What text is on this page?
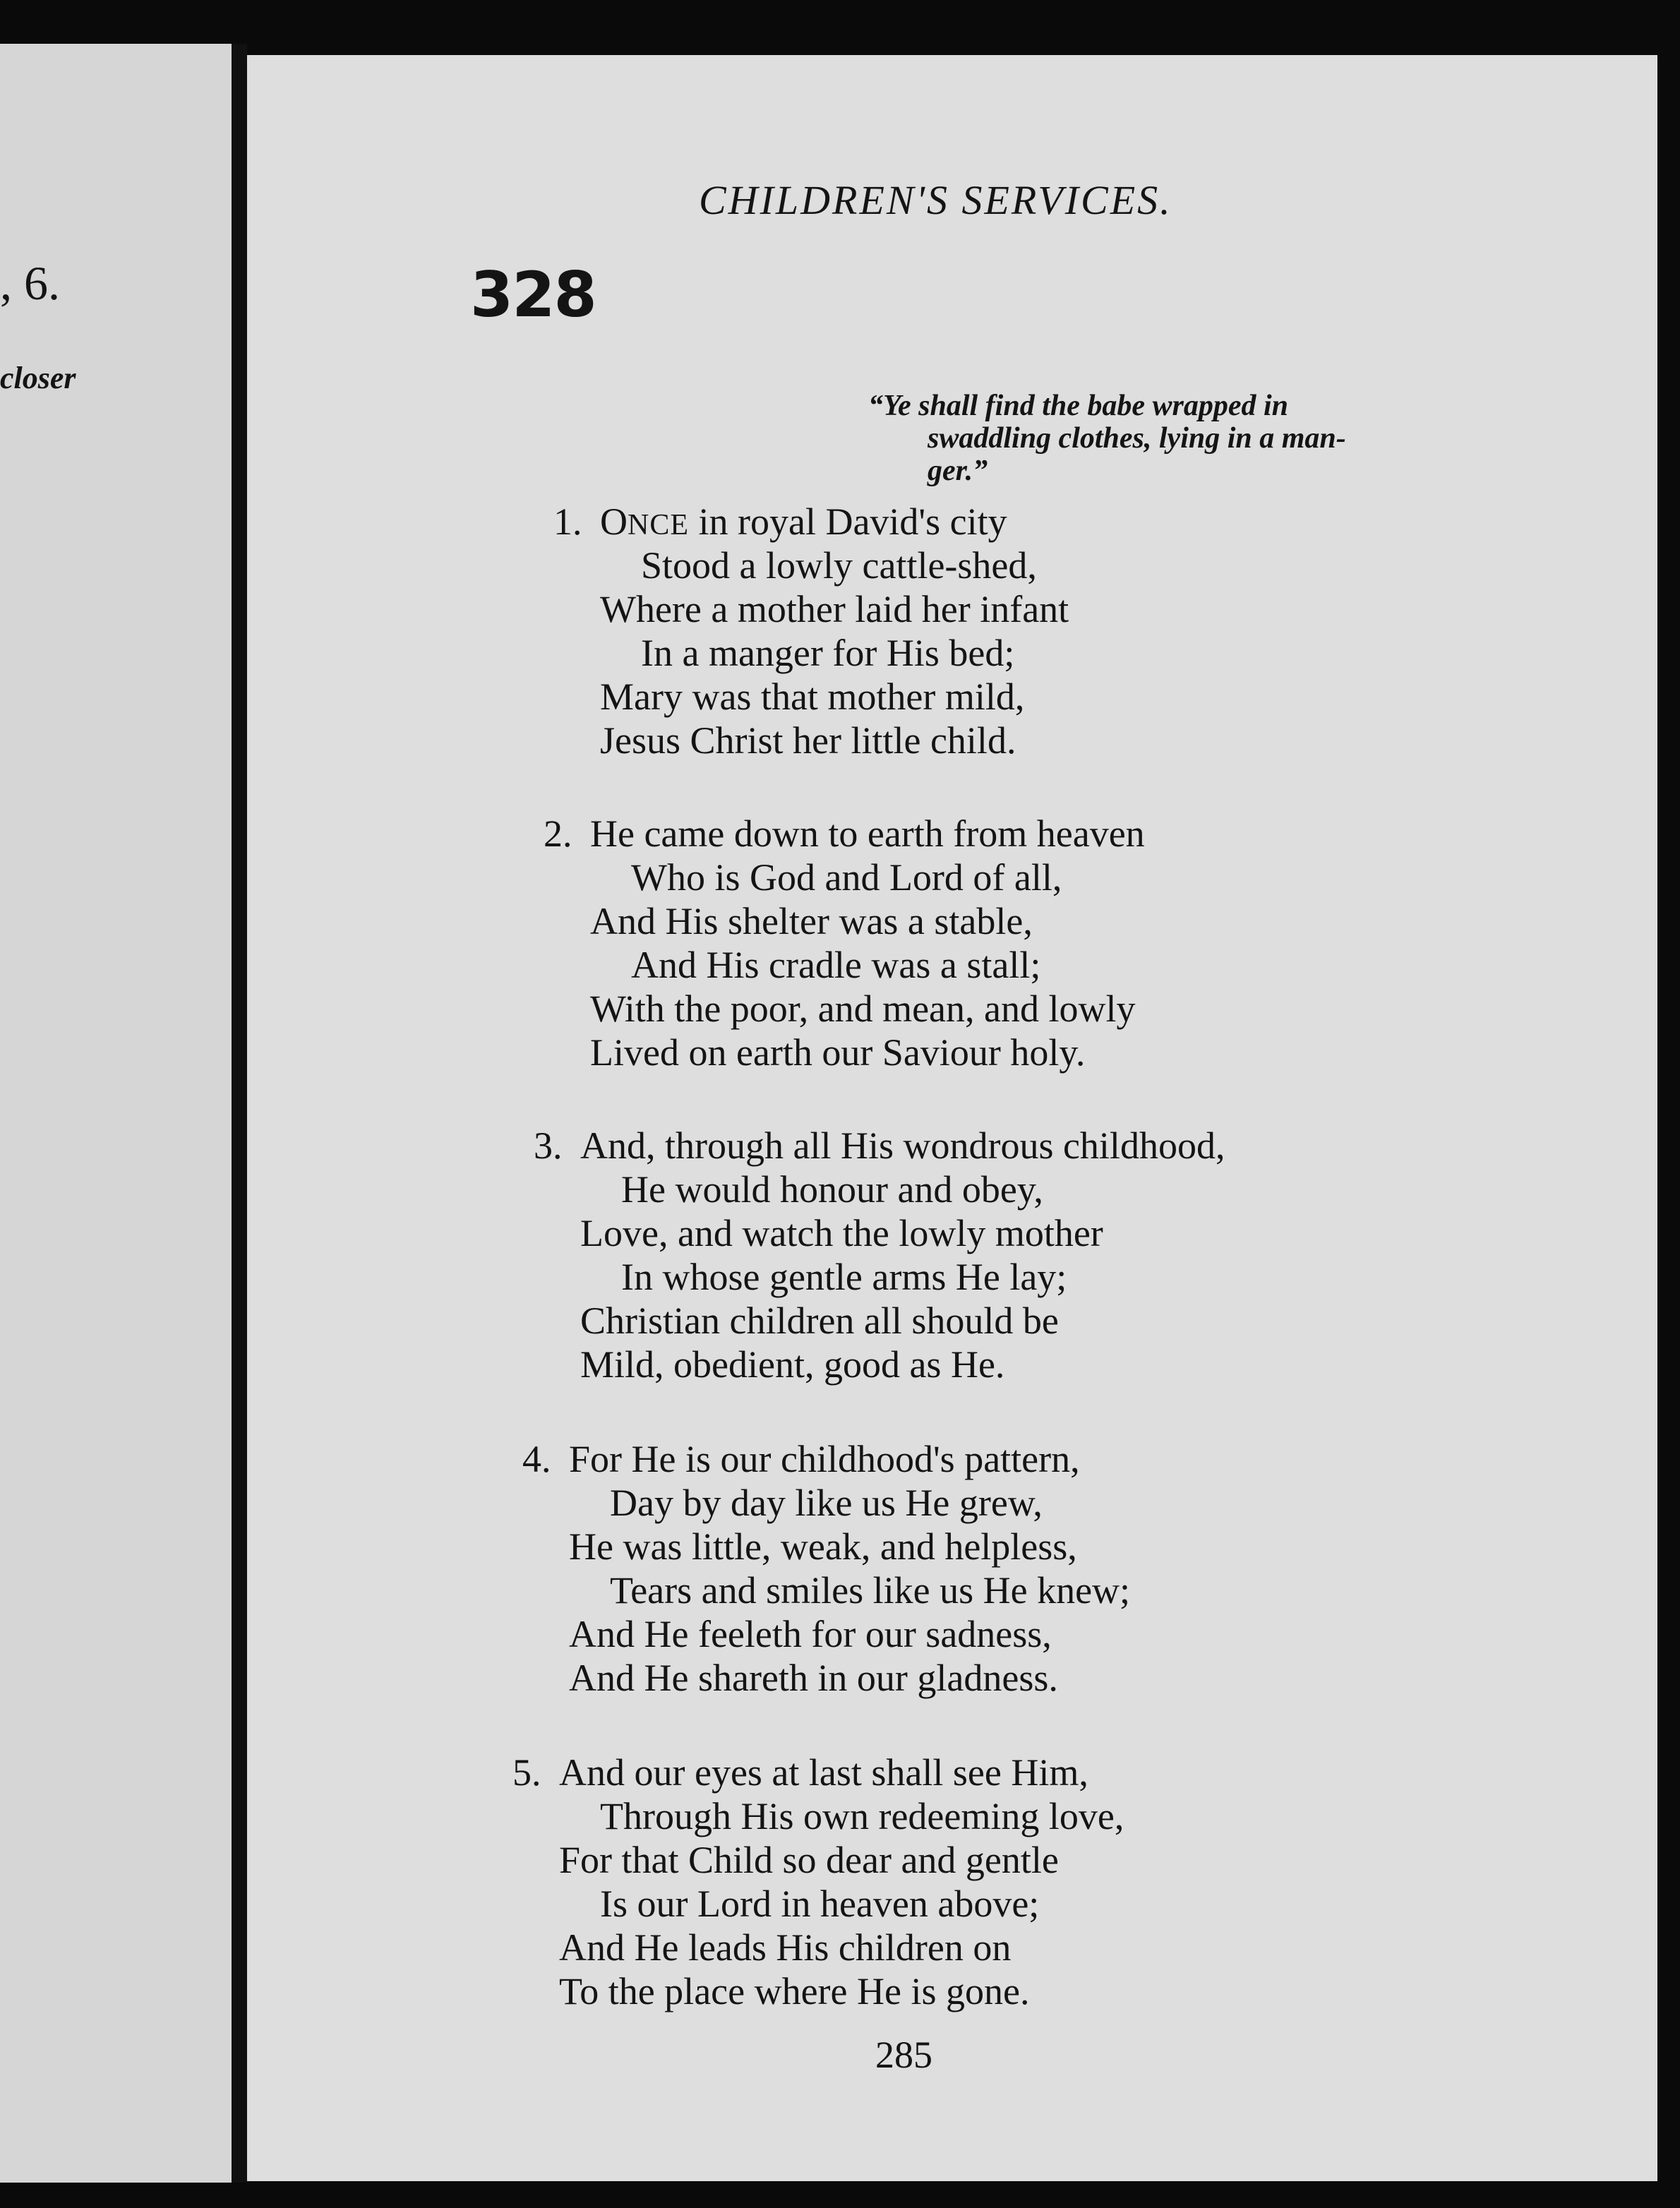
, 6.
closer
CHILDREN'S SERVICES.
328
“Ye shall find the babe wrapped in
swaddling clothes, lying in a man-
ger.”
1. ONCE in royal David's city
Stood a lowly cattle-shed,
Where a mother laid her infant
In a manger for His bed;
Mary was that mother mild,
Jesus Christ her little child.
2. He came down to earth from heaven
Who is God and Lord of all,
And His shelter was a stable,
And His cradle was a stall;
With the poor, and mean, and lowly
Lived on earth our Saviour holy.
3. And, through all His wondrous childhood,
He would honour and obey,
Love, and watch the lowly mother
In whose gentle arms He lay;
Christian children all should be
Mild, obedient, good as He.
4. For He is our childhood's pattern,
Day by day like us He grew,
He was little, weak, and helpless,
Tears and smiles like us He knew;
And He feeleth for our sadness,
And He shareth in our gladness.
5. And our eyes at last shall see Him,
Through His own redeeming love,
For that Child so dear and gentle
Is our Lord in heaven above;
And He leads His children on
To the place where He is gone.
285
